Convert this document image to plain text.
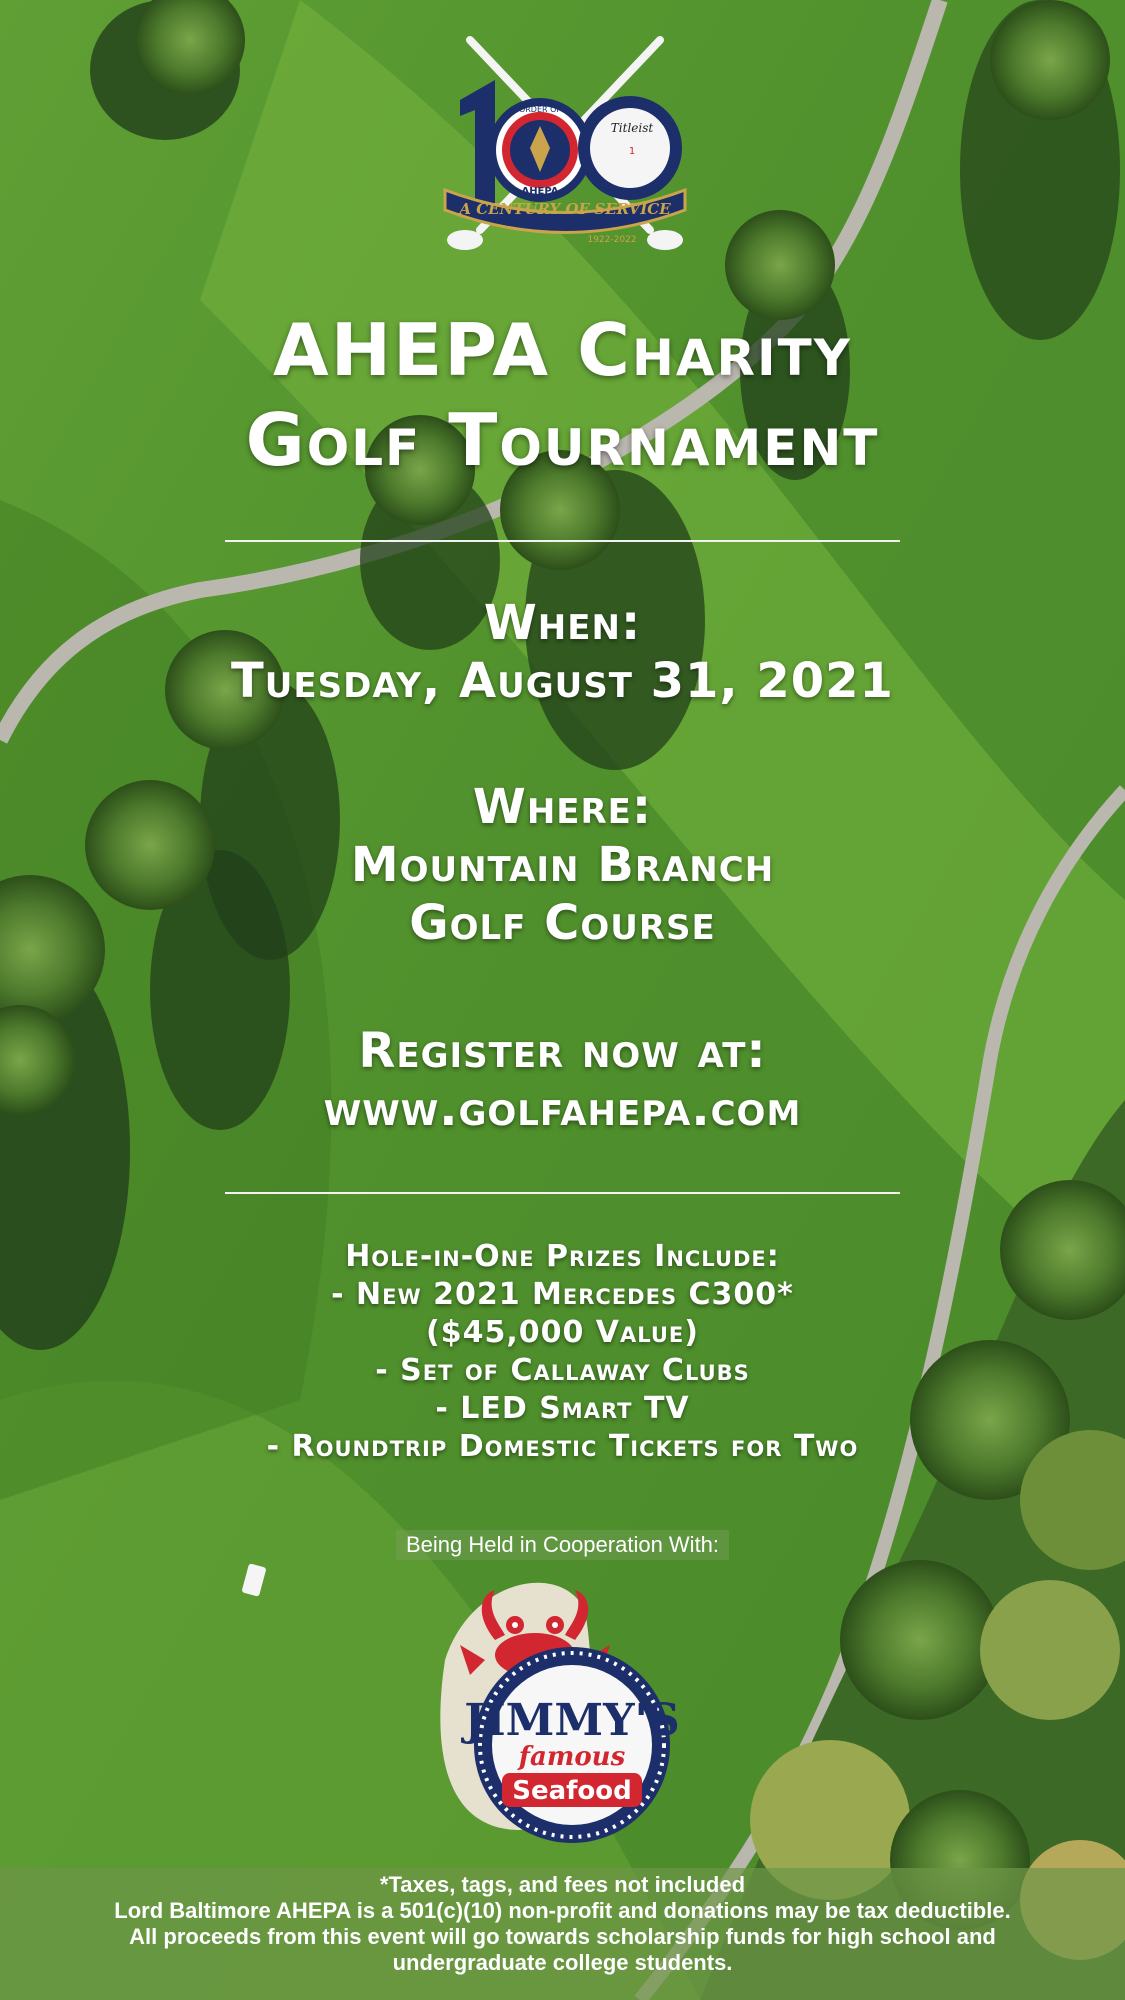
ORDER OF
AHEPA
Titleist
1
A CENTURY OF SERVICE
1922-2022
AHEPA Charity
Golf Tournament
When:
Tuesday, August 31, 2021
Where:
Mountain Branch
Golf Course
Register now at:
www.golfahepa.com
Hole-in-One Prizes Include:
- New 2021 Mercedes C300*
($45,000 Value)
- Set of Callaway Clubs
- LED Smart TV
- Roundtrip Domestic Tickets for Two
Being Held in Cooperation With:
JIMMY'S
famous
Seafood
*Taxes, tags, and fees not included
Lord Baltimore AHEPA is a 501(c)(10) non-profit and donations may be tax deductible.
All proceeds from this event will go towards scholarship funds for high school and
undergraduate college students.
